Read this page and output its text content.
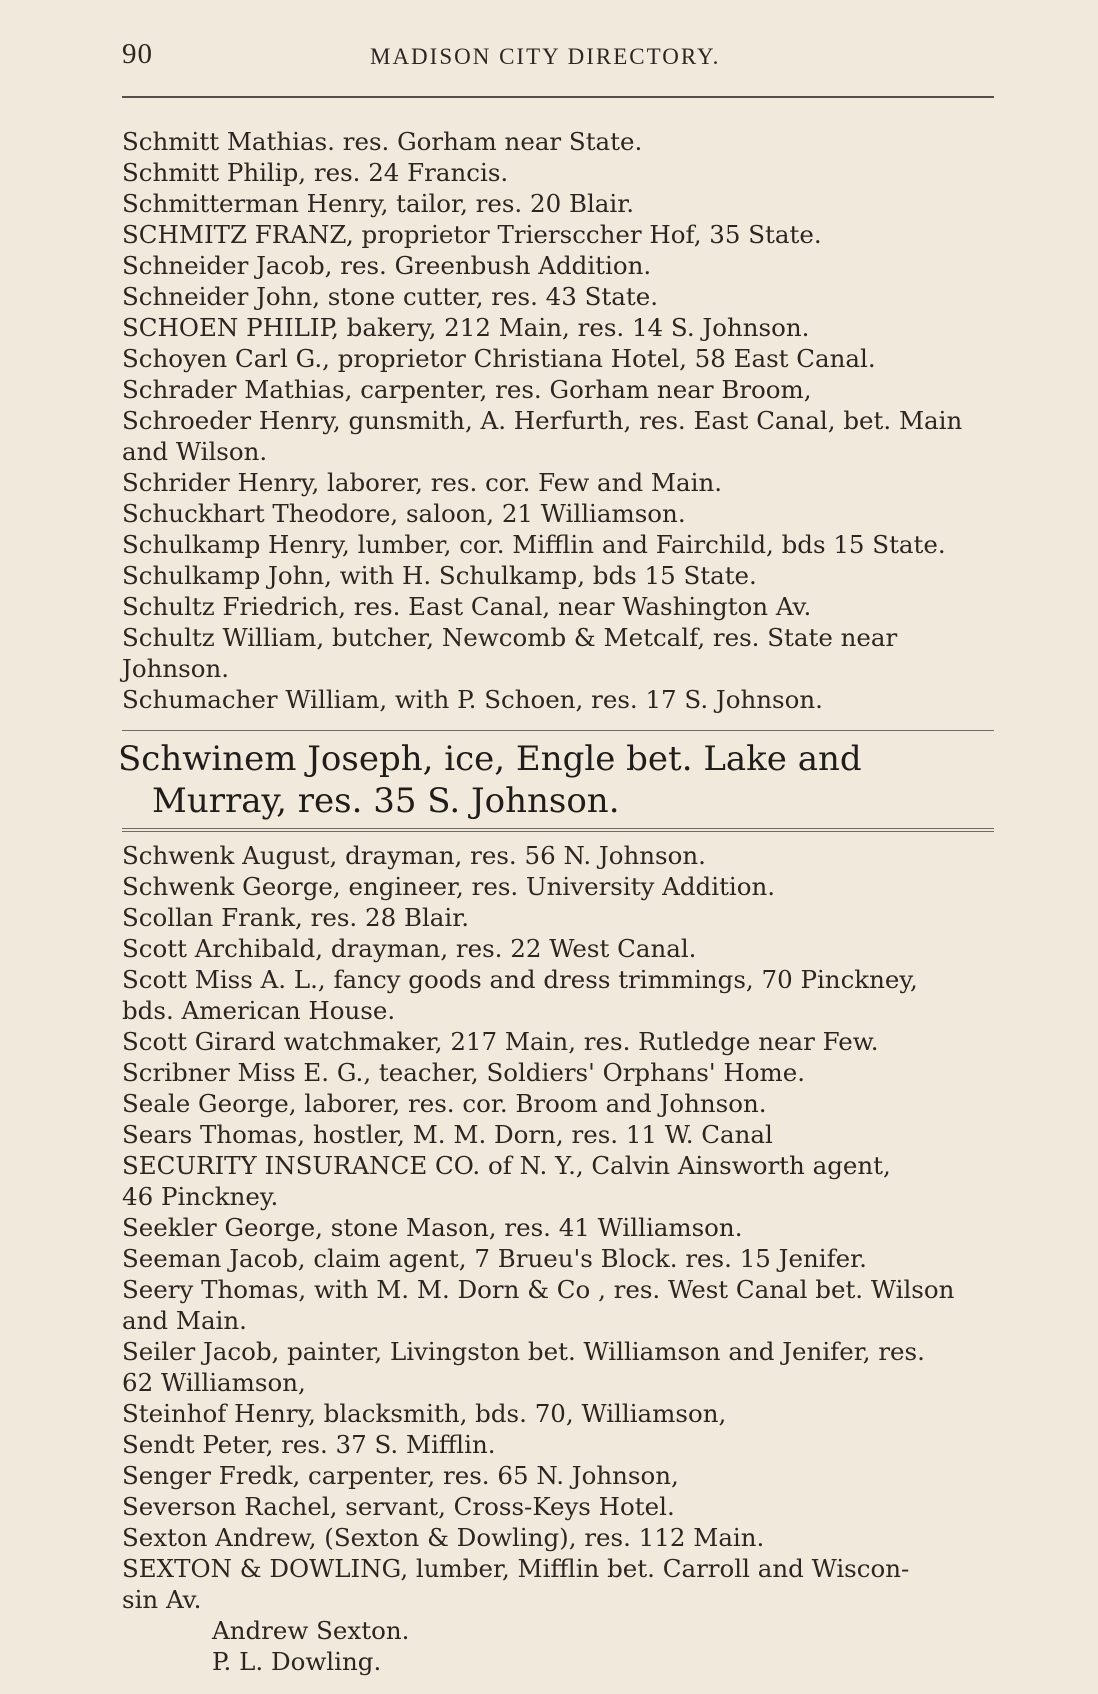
90	MADISON CITY DIRECTORY.
Schmitt Mathias. res. Gorham near State.
Schmitt Philip, res. 24 Francis.
Schmitterman Henry, tailor, res. 20 Blair.
SCHMITZ FRANZ, proprietor Triersccher Hof, 35 State.
Schneider Jacob, res. Greenbush Addition.
Schneider John, stone cutter, res. 43 State.
SCHOEN PHILIP, bakery, 212 Main, res. 14 S. Johnson.
Schoyen Carl G., proprietor Christiana Hotel, 58 East Canal.
Schrader Mathias, carpenter, res. Gorham near Broom,
Schroeder Henry, gunsmith, A. Herfurth, res. East Canal, bet. Main
and Wilson.
Schrider Henry, laborer, res. cor. Few and Main.
Schuckhart Theodore, saloon, 21 Williamson.
Schulkamp Henry, lumber, cor. Mifflin and Fairchild, bds 15 State.
Schulkamp John, with H. Schulkamp, bds 15 State.
Schultz Friedrich, res. East Canal, near Washington Av.
Schultz William, butcher, Newcomb & Metcalf, res. State near
Johnson.
Schumacher William, with P. Schoen, res. 17 S. Johnson.
Schwinem Joseph, ice, Engle bet. Lake and
Murray, res. 35 S. Johnson.
Schwenk August, drayman, res. 56 N. Johnson.
Schwenk George, engineer, res. University Addition.
Scollan Frank, res. 28 Blair.
Scott Archibald, drayman, res. 22 West Canal.
Scott Miss A. L., fancy goods and dress trimmings, 70 Pinckney,
bds. American House.
Scott Girard watchmaker, 217 Main, res. Rutledge near Few.
Scribner Miss E. G., teacher, Soldiers' Orphans' Home.
Seale George, laborer, res. cor. Broom and Johnson.
Sears Thomas, hostler, M. M. Dorn, res. 11 W. Canal
SECURITY INSURANCE CO. of N. Y., Calvin Ainsworth agent,
46 Pinckney.
Seekler George, stone Mason, res. 41 Williamson.
Seeman Jacob, claim agent, 7 Brueu's Block. res. 15 Jenifer.
Seery Thomas, with M. M. Dorn & Co , res. West Canal bet. Wilson
and Main.
Seiler Jacob, painter, Livingston bet. Williamson and Jenifer, res.
62 Williamson,
Steinhof Henry, blacksmith, bds. 70, Williamson,
Sendt Peter, res. 37 S. Mifflin.
Senger Fredk, carpenter, res. 65 N. Johnson,
Severson Rachel, servant, Cross-Keys Hotel.
Sexton Andrew, (Sexton & Dowling), res. 112 Main.
SEXTON & DOWLING, lumber, Mifflin bet. Carroll and Wiscon-
sin Av.
Andrew Sexton.
P. L. Dowling.
